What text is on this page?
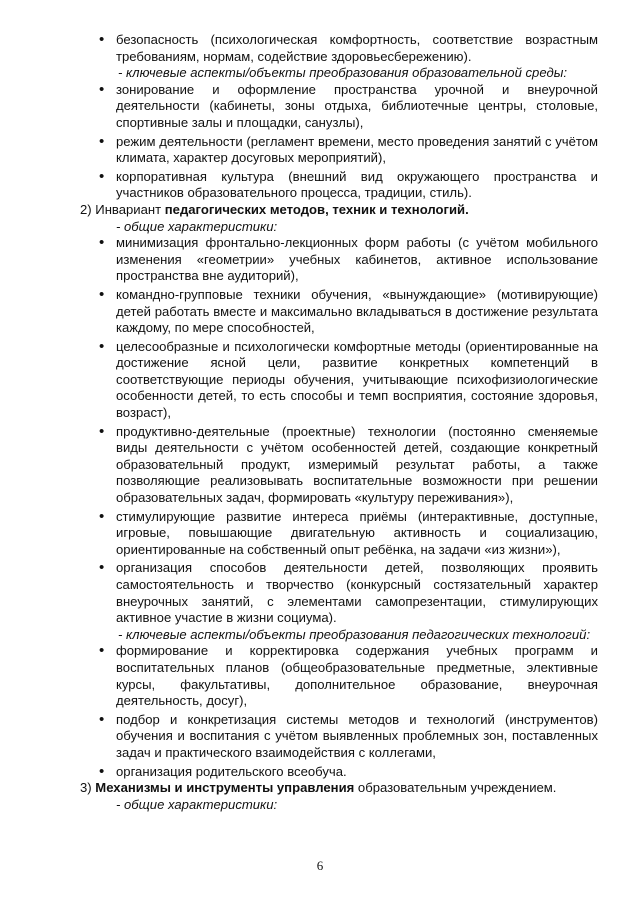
• безопасность (психологическая комфортность, соответствие возрастным требованиям, нормам, содействие здоровьесбережению).
- ключевые аспекты/объекты преобразования образовательной среды:
• зонирование и оформление пространства урочной и внеурочной деятельности (кабинеты, зоны отдыха, библиотечные центры, столовые, спортивные залы и площадки, санузлы),
• режим деятельности (регламент времени, место проведения занятий с учётом климата, характер досуговых мероприятий),
• корпоративная культура (внешний вид окружающего пространства и участников образовательного процесса, традиции, стиль).
2) Инвариант педагогических методов, техник и технологий.
- общие характеристики:
• минимизация фронтально-лекционных форм работы (с учётом мобильного изменения «геометрии» учебных кабинетов, активное использование пространства вне аудиторий),
• командно-групповые техники обучения, «вынуждающие» (мотивирующие) детей работать вместе и максимально вкладываться в достижение результата каждому, по мере способностей,
• целесообразные и психологически комфортные методы (ориентированные на достижение ясной цели, развитие конкретных компетенций в соответствующие периоды обучения, учитывающие психофизиологические особенности детей, то есть способы и темп восприятия, состояние здоровья, возраст),
• продуктивно-деятельные (проектные) технологии (постоянно сменяемые виды деятельности с учётом особенностей детей, создающие конкретный образовательный продукт, измеримый результат работы, а также позволяющие реализовывать воспитательные возможности при решении образовательных задач, формировать «культуру переживания»),
• стимулирующие развитие интереса приёмы (интерактивные, доступные, игровые, повышающие двигательную активность и социализацию, ориентированные на собственный опыт ребёнка, на задачи «из жизни»),
• организация способов деятельности детей, позволяющих проявить самостоятельность и творчество (конкурсный состязательный характер внеурочных занятий, с элементами самопрезентации, стимулирующих активное участие в жизни социума).
- ключевые аспекты/объекты преобразования педагогических технологий:
• формирование и корректировка содержания учебных программ и воспитательных планов (общеобразовательные предметные, элективные курсы, факультативы, дополнительное образование, внеурочная деятельность, досуг),
• подбор и конкретизация системы методов и технологий (инструментов) обучения и воспитания с учётом выявленных проблемных зон, поставленных задач и практического взаимодействия с коллегами,
• организация родительского всеобуча.
3) Механизмы и инструменты управления образовательным учреждением.
- общие характеристики:
6
